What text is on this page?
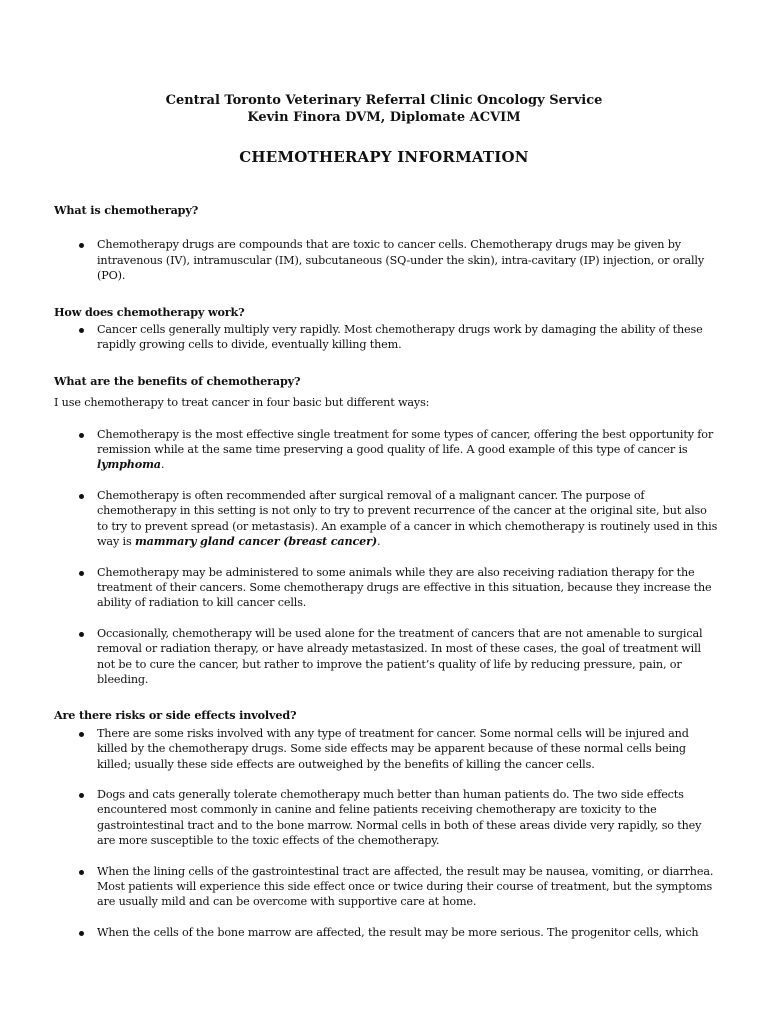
Central Toronto Veterinary Referral Clinic Oncology Service
Kevin Finora DVM, Diplomate ACVIM
CHEMOTHERAPY INFORMATION

What is chemotherapy?

Chemotherapy drugs are compounds that are toxic to cancer cells. Chemotherapy drugs may be given by intravenous (IV), intramuscular (IM), subcutaneous (SQ-under the skin), intra-cavitary (IP) injection, or orally (PO).

How does chemotherapy work?

Cancer cells generally multiply very rapidly. Most chemotherapy drugs work by damaging the ability of these rapidly growing cells to divide, eventually killing them.

What are the benefits of chemotherapy?

I use chemotherapy to treat cancer in four basic but different ways:

Chemotherapy is the most effective single treatment for some types of cancer, offering the best opportunity for remission while at the same time preserving a good quality of life. A good example of this type of cancer is lymphoma.
Chemotherapy is often recommended after surgical removal of a malignant cancer. The purpose of chemotherapy in this setting is not only to try to prevent recurrence of the cancer at the original site, but also to try to prevent spread (or metastasis). An example of a cancer in which chemotherapy is routinely used in this way is mammary gland cancer (breast cancer).
Chemotherapy may be administered to some animals while they are also receiving radiation therapy for the treatment of their cancers. Some chemotherapy drugs are effective in this situation, because they increase the ability of radiation to kill cancer cells.
Occasionally, chemotherapy will be used alone for the treatment of cancers that are not amenable to surgical removal or radiation therapy, or have already metastasized. In most of these cases, the goal of treatment will not be to cure the cancer, but rather to improve the patient’s quality of life by reducing pressure, pain, or bleeding.

Are there risks or side effects involved?

There are some risks involved with any type of treatment for cancer. Some normal cells will be injured and killed by the chemotherapy drugs. Some side effects may be apparent because of these normal cells being killed; usually these side effects are outweighed by the benefits of killing the cancer cells.
Dogs and cats generally tolerate chemotherapy much better than human patients do. The two side effects encountered most commonly in canine and feline patients receiving chemotherapy are toxicity to the gastrointestinal tract and to the bone marrow. Normal cells in both of these areas divide very rapidly, so they are more susceptible to the toxic effects of the chemotherapy.
When the lining cells of the gastrointestinal tract are affected, the result may be nausea, vomiting, or diarrhea. Most patients will experience this side effect once or twice during their course of treatment, but the symptoms are usually mild and can be overcome with supportive care at home.
When the cells of the bone marrow are affected, the result may be more serious. The progenitor cells, which
